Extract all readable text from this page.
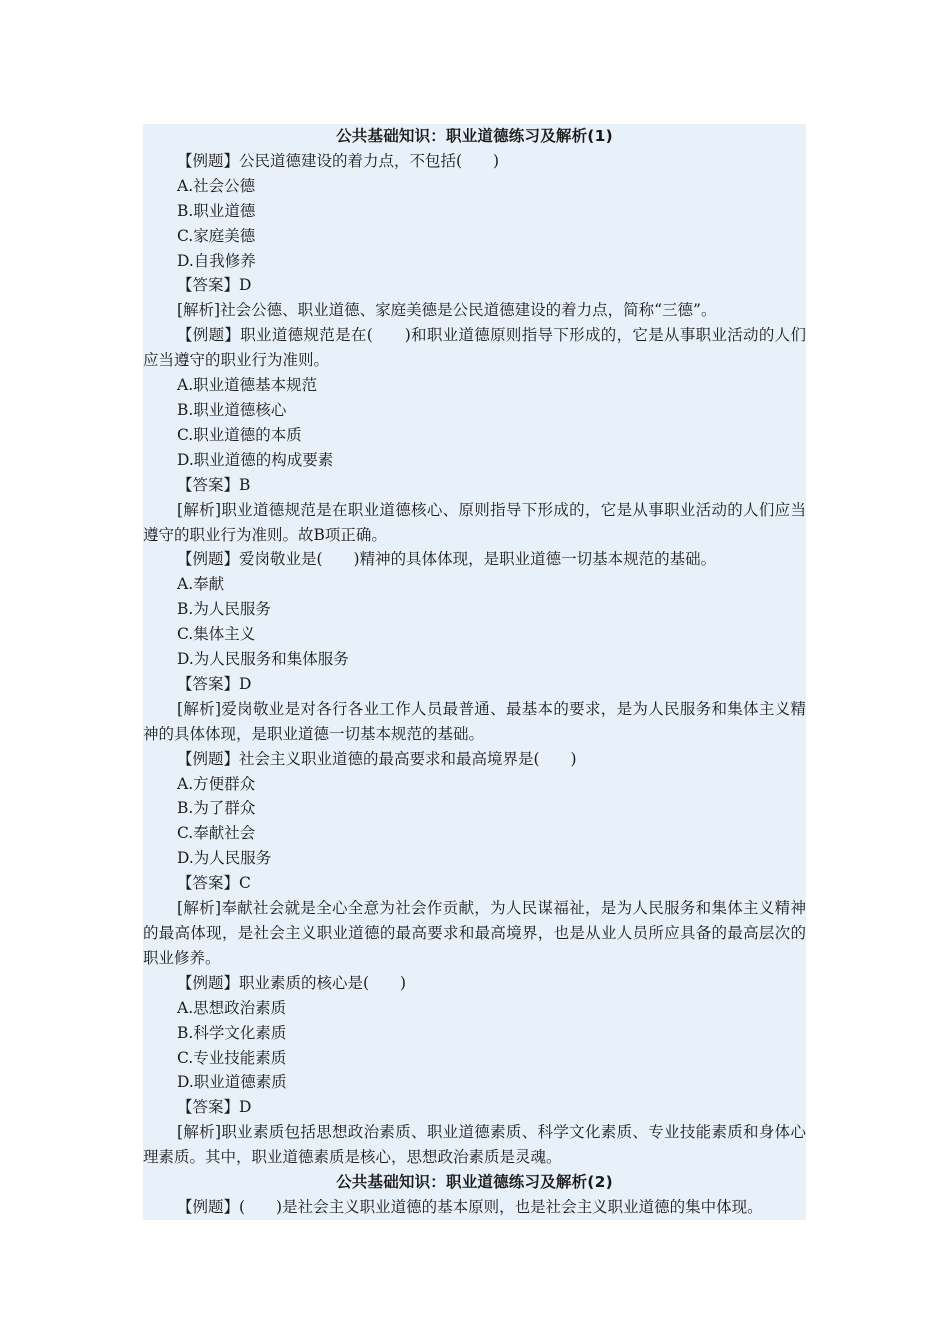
公共基础知识：职业道德练习及解析(1)
【例题】公民道德建设的着力点，不包括(　　)
A.社会公德
B.职业道德
C.家庭美德
D.自我修养
【答案】D
[解析]社会公德、职业道德、家庭美德是公民道德建设的着力点，简称“三德”。
【例题】职业道德规范是在(　　)和职业道德原则指导下形成的，它是从事职业活动的人们应当遵守的职业行为准则。
A.职业道德基本规范
B.职业道德核心
C.职业道德的本质
D.职业道德的构成要素
【答案】B
[解析]职业道德规范是在职业道德核心、原则指导下形成的，它是从事职业活动的人们应当遵守的职业行为准则。故B项正确。
【例题】爱岗敬业是(　　)精神的具体体现，是职业道德一切基本规范的基础。
A.奉献
B.为人民服务
C.集体主义
D.为人民服务和集体服务
【答案】D
[解析]爱岗敬业是对各行各业工作人员最普通、最基本的要求，是为人民服务和集体主义精神的具体体现，是职业道德一切基本规范的基础。
【例题】社会主义职业道德的最高要求和最高境界是(　　)
A.方便群众
B.为了群众
C.奉献社会
D.为人民服务
【答案】C
[解析]奉献社会就是全心全意为社会作贡献，为人民谋福祉，是为人民服务和集体主义精神的最高体现，是社会主义职业道德的最高要求和最高境界，也是从业人员所应具备的最高层次的职业修养。
【例题】职业素质的核心是(　　)
A.思想政治素质
B.科学文化素质
C.专业技能素质
D.职业道德素质
【答案】D
[解析]职业素质包括思想政治素质、职业道德素质、科学文化素质、专业技能素质和身体心理素质。其中，职业道德素质是核心，思想政治素质是灵魂。
公共基础知识：职业道德练习及解析(2)
【例题】(　　)是社会主义职业道德的基本原则，也是社会主义职业道德的集中体现。
